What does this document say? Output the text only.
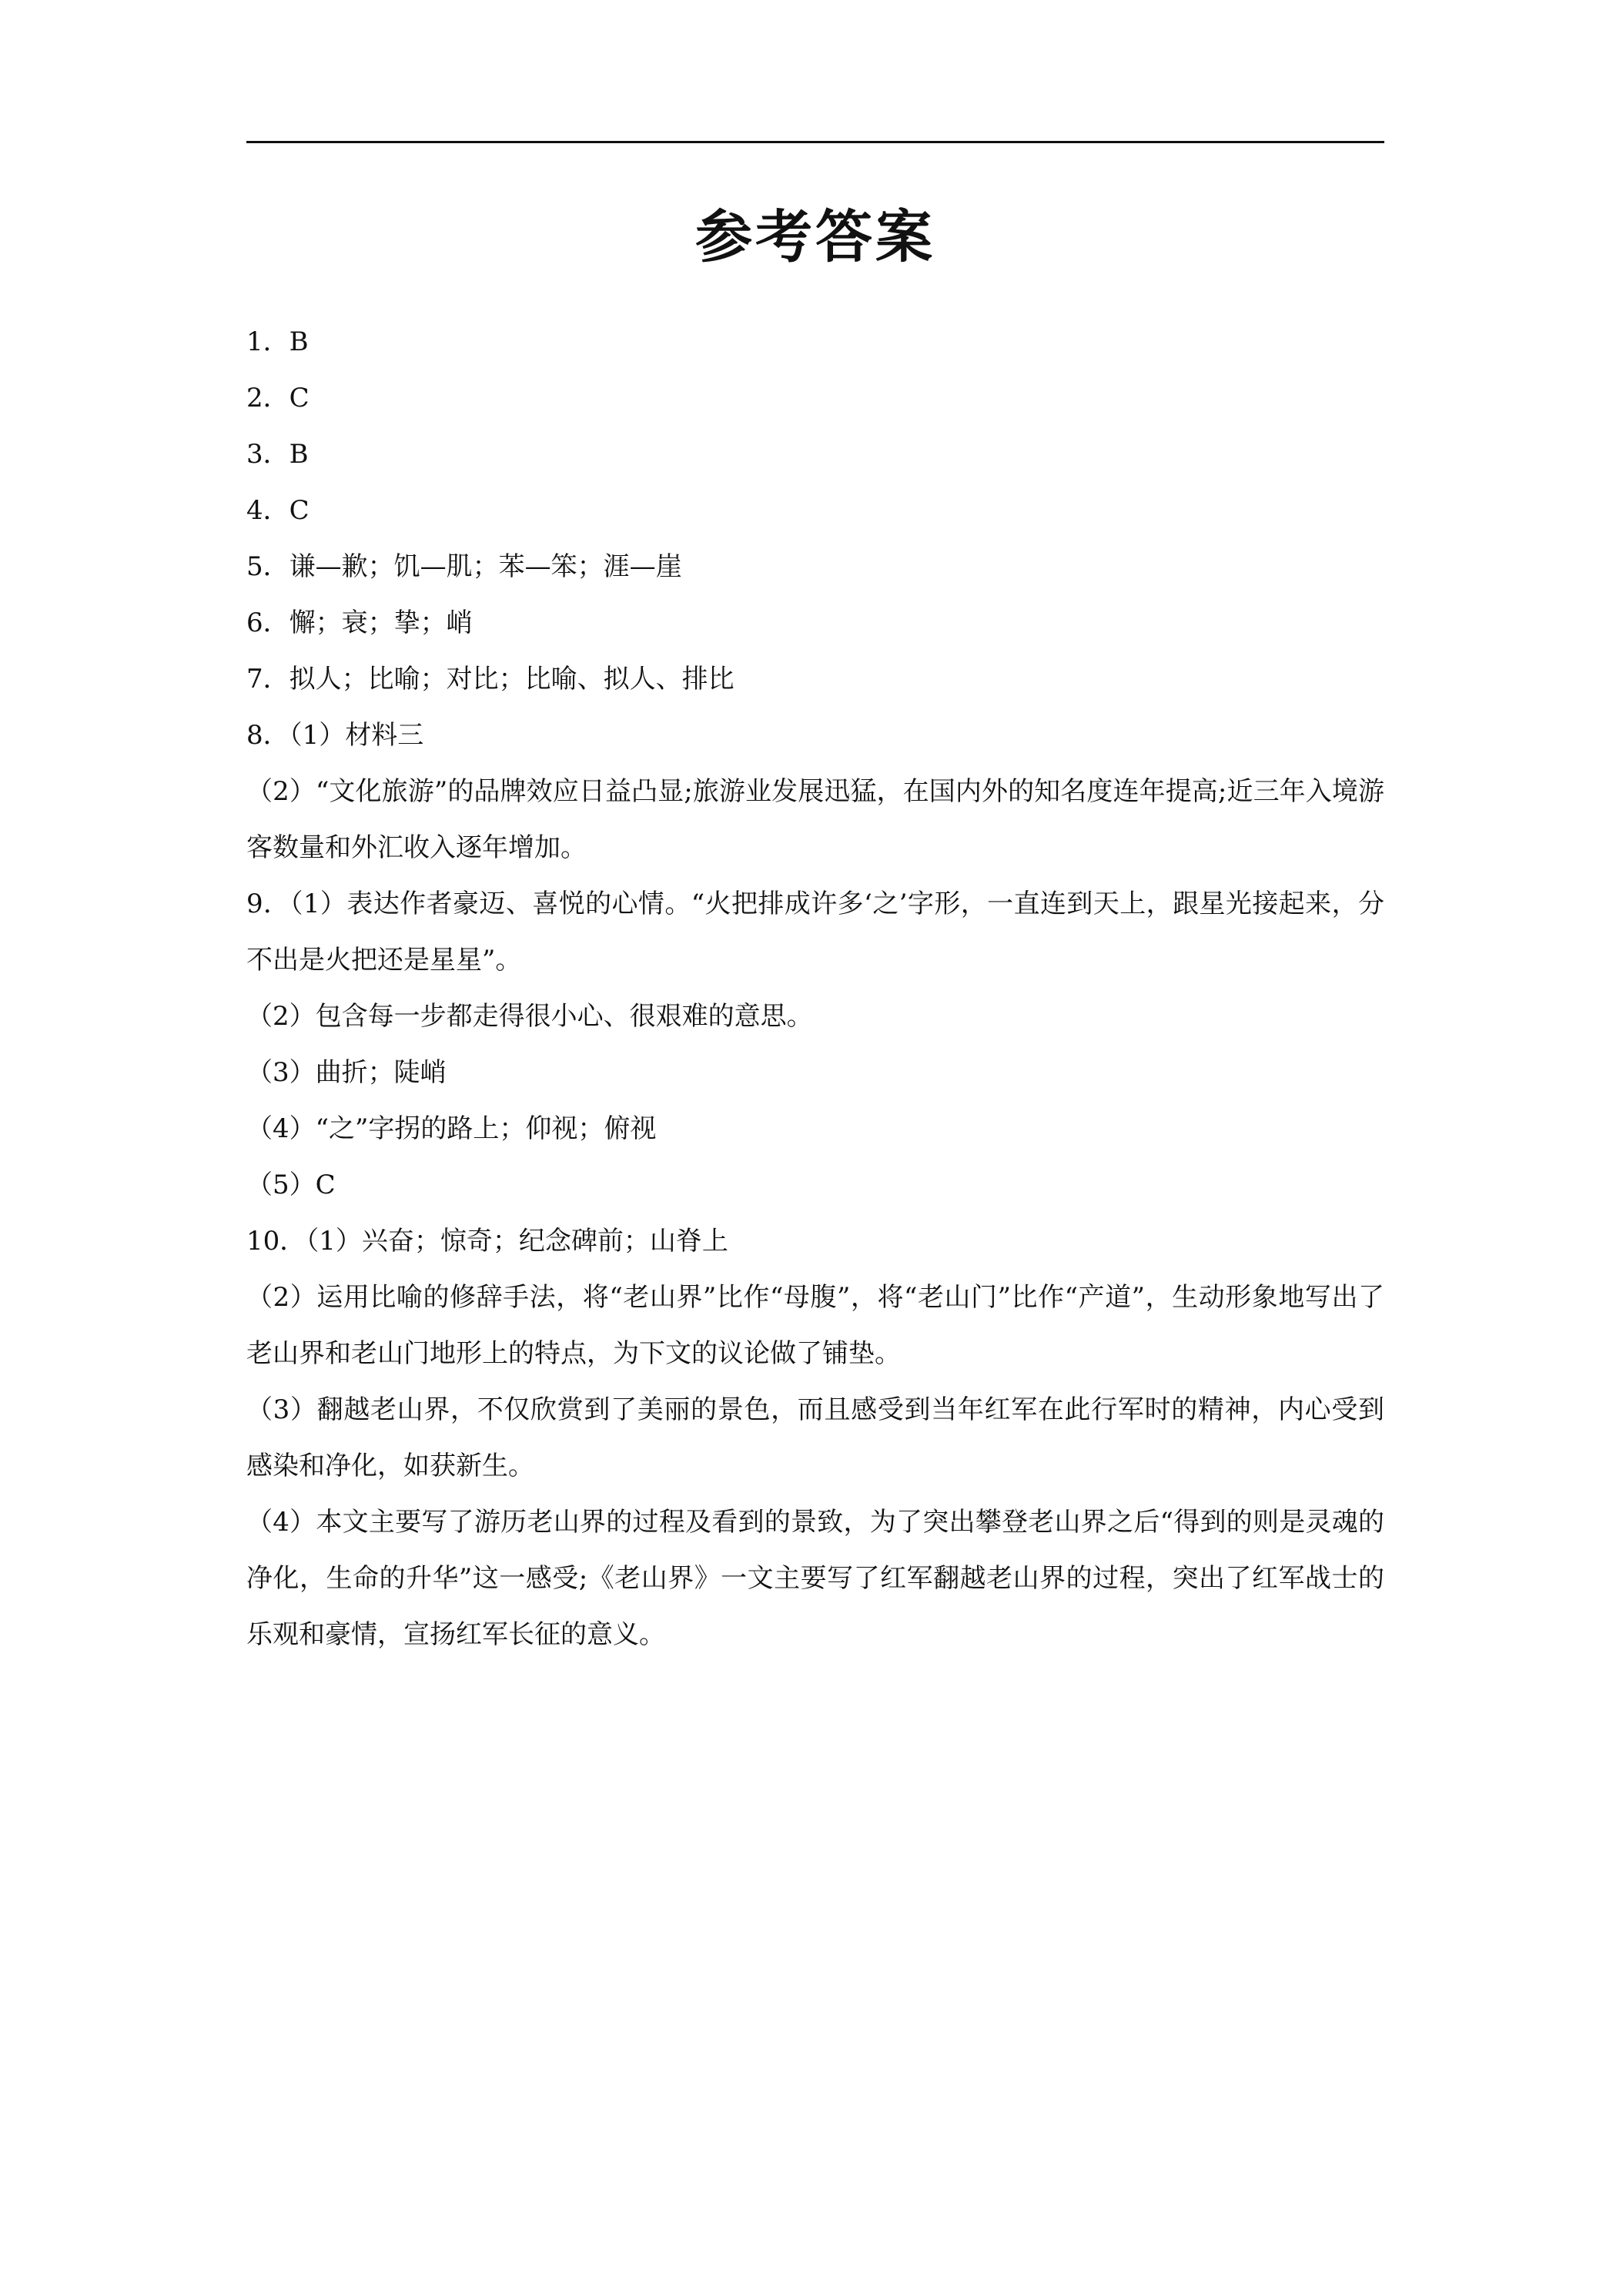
参考答案
1．B
2．C
3．B
4．C
5．谦—歉；饥—肌；苯—笨；涯—崖
6．懈；衰；挚；峭
7．拟人；比喻；对比；比喻、拟人、排比
8．（1）材料三
（2）“文化旅游”的品牌效应日益凸显;旅游业发展迅猛，在国内外的知名度连年提高;近三年入境游客数量和外汇收入逐年增加。
9．（1）表达作者豪迈、喜悦的心情。“火把排成许多‘之’字形，一直连到天上，跟星光接起来，分不出是火把还是星星”。
（2）包含每一步都走得很小心、很艰难的意思。
（3）曲折；陡峭
（4）“之”字拐的路上；仰视；俯视
（5）C
10．（1）兴奋；惊奇；纪念碑前；山脊上
（2）运用比喻的修辞手法，将“老山界”比作“母腹”，将“老山门”比作“产道”，生动形象地写出了老山界和老山门地形上的特点，为下文的议论做了铺垫。
（3）翻越老山界，不仅欣赏到了美丽的景色，而且感受到当年红军在此行军时的精神，内心受到感染和净化，如获新生。
（4）本文主要写了游历老山界的过程及看到的景致，为了突出攀登老山界之后“得到的则是灵魂的净化，生命的升华”这一感受;《老山界》一文主要写了红军翻越老山界的过程，突出了红军战士的乐观和豪情，宣扬红军长征的意义。
